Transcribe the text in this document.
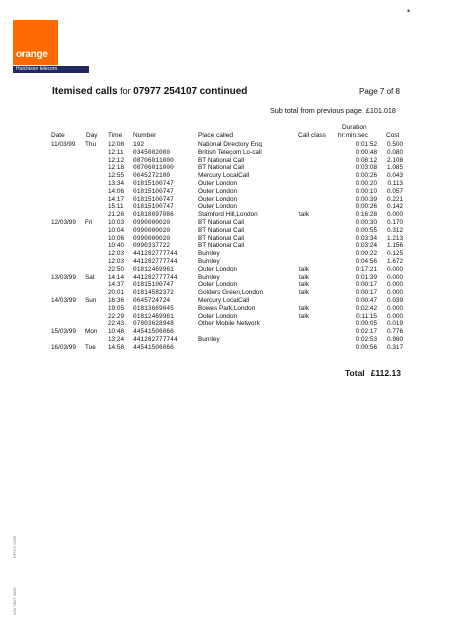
•
orange
Hutchison telecom
Itemised calls for 07977 254107 continued	Page 7 of 8
Sub total from previous page £101.018
Date	Day Time Number	Place called	Call class
Duration
hr:min:sec	Cost
11/03/99	Thu	12:08	192	National Directory Enq		0:01:52	0.500
		12:11	0345002000	British Telecom Lo-call		0:00:48	0.080
		12:12	08706011000	BT National Call		0:08:12	2.108
		12:18	08706011000	BT National Call		0:03:08	1.085
		12:55	0645272100	Mercury LocalCall		0:00:26	0.043
		13:34	01815100747	Outer London		0:00:20	0.113
		14:06	01815100747	Outer London		0:00:10	0.057
		14:17	01815100747	Outer London		0:00:39	0.221
		15:11	01815100747	Outer London		0:00:26	0.142
		21:26	01818097086	Stamford Hill,London	talk	0:16:28	0.000
12/03/99	Fri	10:03	0990000020	BT National Call		0:00:30	0.170
		10:04	0990000020	BT National Call		0:00:55	0.312
		10:06	0990000020	BT National Call		0:03:34	1.213
		10:40	0990337722	BT National Call		0:03:24	1.156
		12:03	441282777744	Burnley		0:00:22	0.125
		12:03	441282777744	Burnley		0:04:56	1.672
		22:50	01812469961	Outer London	talk	0:17:21	0.000
13/03/99	Sat	14:14	441282777744	Burnley	talk	0:01:39	0.000
		14:37	01815100747	Outer London	talk	0:00:17	0.000
		20:01	01814582372	Golders Green,London	talk	0:00:17	0.000
14/03/99	Sun	16:36	0645724724	Mercury LocalCall		0:00:47	0.039
		19:05	01813669045	Bowes Park,London	talk	0:02:42	0.000
		22:29	01812469961	Outer London	talk	0:11:15	0.000
		22:43	07803628948	Other Mobile Network		0:00:05	0.019
15/03/99	Mon	10:48	44541506066			0:02:17	0.776
		13:24	441282777744	Burnley		0:02:53	0.980
16/03/99	Tue	14:58	44541506066			0:00:56	0.317
Total £112.13
DP072 0299
A09 7B07 4068
